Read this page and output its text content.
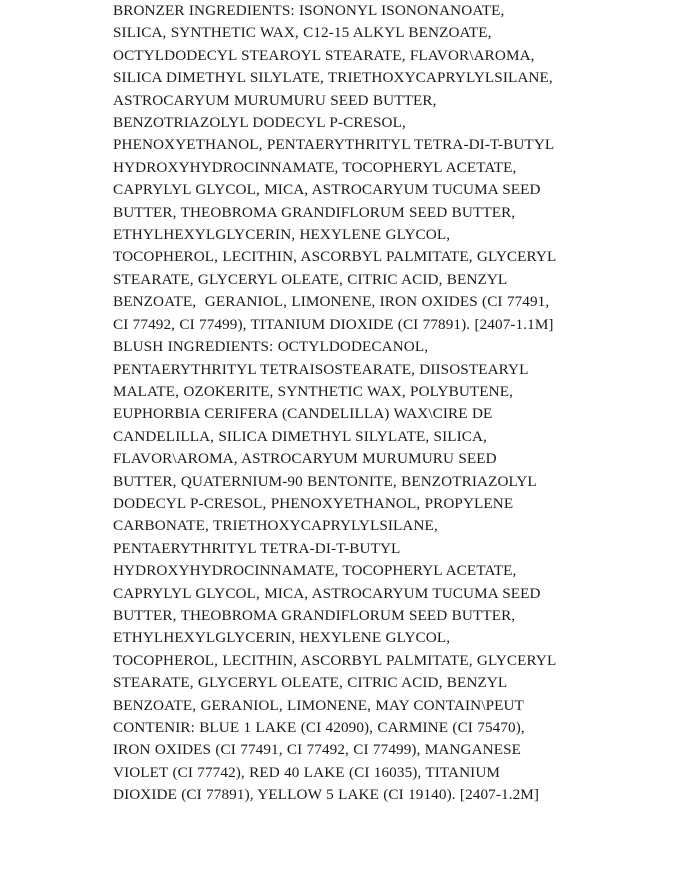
BRONZER INGREDIENTS: ISONONYL ISONONANOATE, SILICA, SYNTHETIC WAX, C12-15 ALKYL BENZOATE, OCTYLDODECYL STEAROYL STEARATE, FLAVOR\AROMA, SILICA DIMETHYL SILYLATE, TRIETHOXYCAPRYLYLSILANE, ASTROCARYUM MURUMURU SEED BUTTER, BENZOTRIAZOLYL DODECYL P-CRESOL, PHENOXYETHANOL, PENTAERYTHRITYL TETRA-DI-T-BUTYL HYDROXYHYDROCINNAMATE, TOCOPHERYL ACETATE, CAPRYLYL GLYCOL, MICA, ASTROCARYUM TUCUMA SEED BUTTER, THEOBROMA GRANDIFLORUM SEED BUTTER, ETHYLHEXYLGLYCERIN, HEXYLENE GLYCOL, TOCOPHEROL, LECITHIN, ASCORBYL PALMITATE, GLYCERYL STEARATE, GLYCERYL OLEATE, CITRIC ACID, BENZYL BENZOATE,  GERANIOL, LIMONENE, IRON OXIDES (CI 77491, CI 77492, CI 77499), TITANIUM DIOXIDE (CI 77891). [2407-1.1M] BLUSH INGREDIENTS: OCTYLDODECANOL, PENTAERYTHRITYL TETRAISOSTEARATE, DIISOSTEARYL MALATE, OZOKERITE, SYNTHETIC WAX, POLYBUTENE, EUPHORBIA CERIFERA (CANDELILLA) WAX\CIRE DE CANDELILLA, SILICA DIMETHYL SILYLATE, SILICA, FLAVOR\AROMA, ASTROCARYUM MURUMURU SEED BUTTER, QUATERNIUM-90 BENTONITE, BENZOTRIAZOLYL DODECYL P-CRESOL, PHENOXYETHANOL, PROPYLENE CARBONATE, TRIETHOXYCAPRYLYLSILANE, PENTAERYTHRITYL TETRA-DI-T-BUTYL HYDROXYHYDROCINNAMATE, TOCOPHERYL ACETATE, CAPRYLYL GLYCOL, MICA, ASTROCARYUM TUCUMA SEED BUTTER, THEOBROMA GRANDIFLORUM SEED BUTTER, ETHYLHEXYLGLYCERIN, HEXYLENE GLYCOL, TOCOPHEROL, LECITHIN, ASCORBYL PALMITATE, GLYCERYL STEARATE, GLYCERYL OLEATE, CITRIC ACID, BENZYL BENZOATE, GERANIOL, LIMONENE, MAY CONTAIN\PEUT CONTENIR: BLUE 1 LAKE (CI 42090), CARMINE (CI 75470), IRON OXIDES (CI 77491, CI 77492, CI 77499), MANGANESE VIOLET (CI 77742), RED 40 LAKE (CI 16035), TITANIUM DIOXIDE (CI 77891), YELLOW 5 LAKE (CI 19140). [2407-1.2M]
